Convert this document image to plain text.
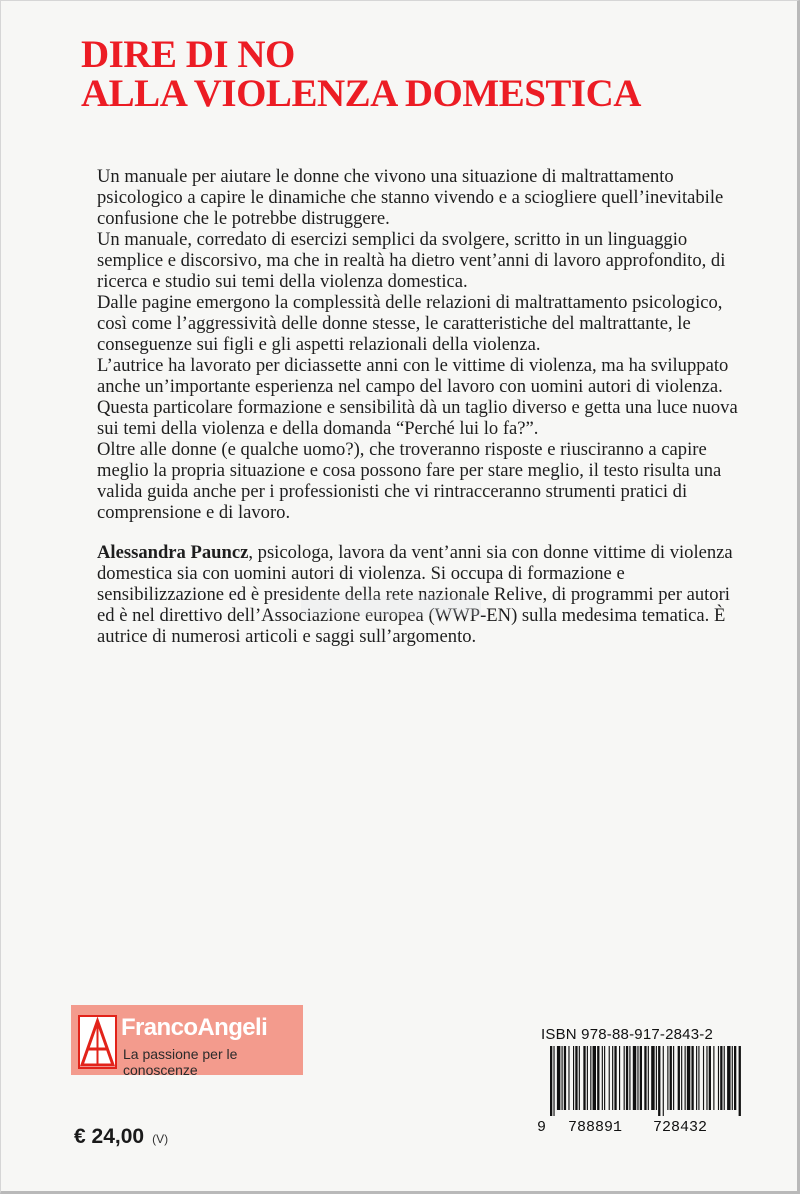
DIRE DI NO
ALLA VIOLENZA DOMESTICA

Un manuale per aiutare le donne che vivono una situazione di maltrattamento psicologico a capire le dinamiche che stanno vivendo e a sciogliere quell’inevitabile confusione che le potrebbe distruggere.

Un manuale, corredato di esercizi semplici da svolgere, scritto in un linguaggio semplice e discorsivo, ma che in realtà ha dietro vent’anni di lavoro approfondito, di ricerca e studio sui temi della violenza domestica.

Dalle pagine emergono la complessità delle relazioni di maltrattamento psicologico, così come l’aggressività delle donne stesse, le caratteristiche del maltrattante, le conseguenze sui figli e gli aspetti relazionali della violenza.

L’autrice ha lavorato per diciassette anni con le vittime di violenza, ma ha sviluppato anche un’importante esperienza nel campo del lavoro con uomini autori di violenza. Questa particolare formazione e sensibilità dà un taglio diverso e getta una luce nuova sui temi della violenza e della domanda “Perché lui lo fa?”.

Oltre alle donne (e qualche uomo?), che troveranno risposte e riusciranno a capire meglio la propria situazione e cosa possono fare per stare meglio, il testo risulta una valida guida anche per i professionisti che vi rintracceranno strumenti pratici di comprensione e di lavoro.

Alessandra Pauncz, psicologa, lavora da vent’anni sia con donne vittime di violenza domestica sia con uomini autori di violenza. Si occupa di formazione e sensibilizzazione ed è presidente della rete nazionale Relive, di programmi per autori ed è nel direttivo dell’Associazione europea (WWP-EN) sulla medesima tematica. È autrice di numerosi articoli e saggi sull’argomento.

FrancoAngeli
La passione per le conoscenze
€ 24,00 (V)
ISBN 978-88-917-2843-2
9 788891 728432
